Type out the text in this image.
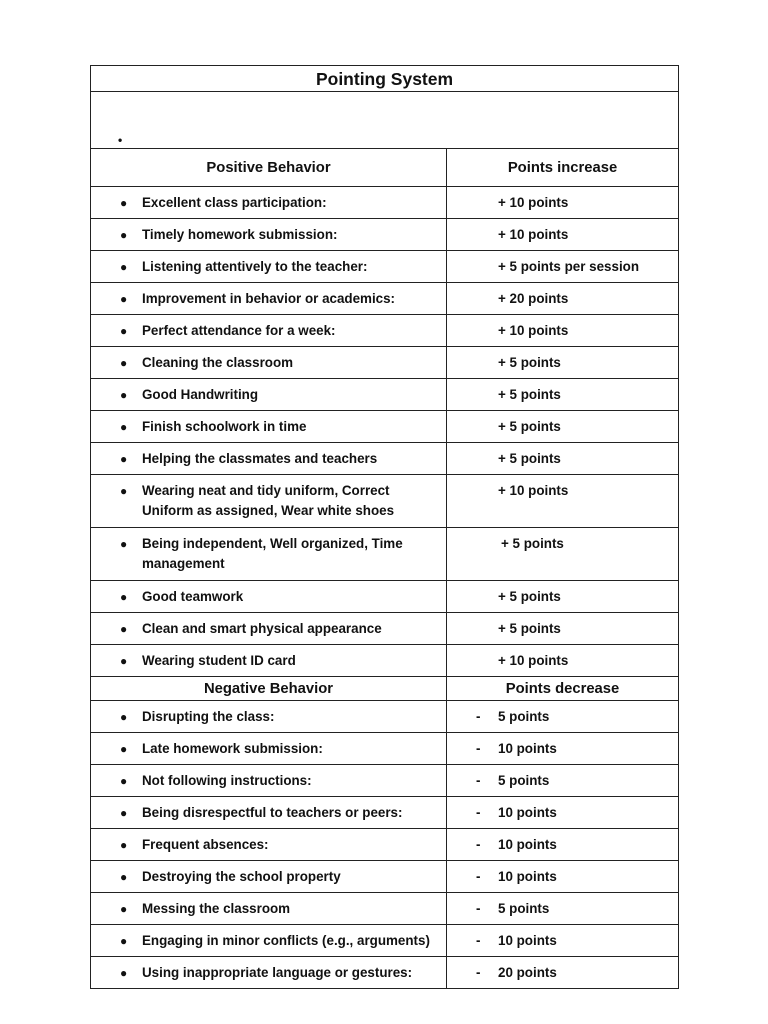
Pointing System	

•	

Positive Behavior	Points increase

● Excellent class participation:	+ 10 points

● Timely homework submission:	+ 10 points

● Listening attentively to the teacher:	+ 5 points per session

● Improvement in behavior or academics:	+ 20 points

● Perfect attendance for a week:	+ 10 points

● Cleaning the classroom	+ 5 points

● Good Handwriting	+ 5 points

● Finish schoolwork in time	+ 5 points

● Helping the classmates and teachers	+ 5 points

● Wearing neat and tidy uniform, Correct Uniform as assigned, Wear white shoes	+ 10 points

● Being independent, Well organized, Time management	+ 5 points

● Good teamwork	+ 5 points

● Clean and smart physical appearance	+ 5 points

● Wearing student ID card	+ 10 points
Negative Behavior	Points decrease

● Disrupting the class:	- 5 points

● Late homework submission:	- 10 points

● Not following instructions:	- 5 points

● Being disrespectful to teachers or peers:	- 10 points

● Frequent absences:	- 10 points

● Destroying the school property	- 10 points

● Messing the classroom	- 5 points

● Engaging in minor conflicts (e.g., arguments)	- 10 points

● Using inappropriate language or gestures:	- 20 points
